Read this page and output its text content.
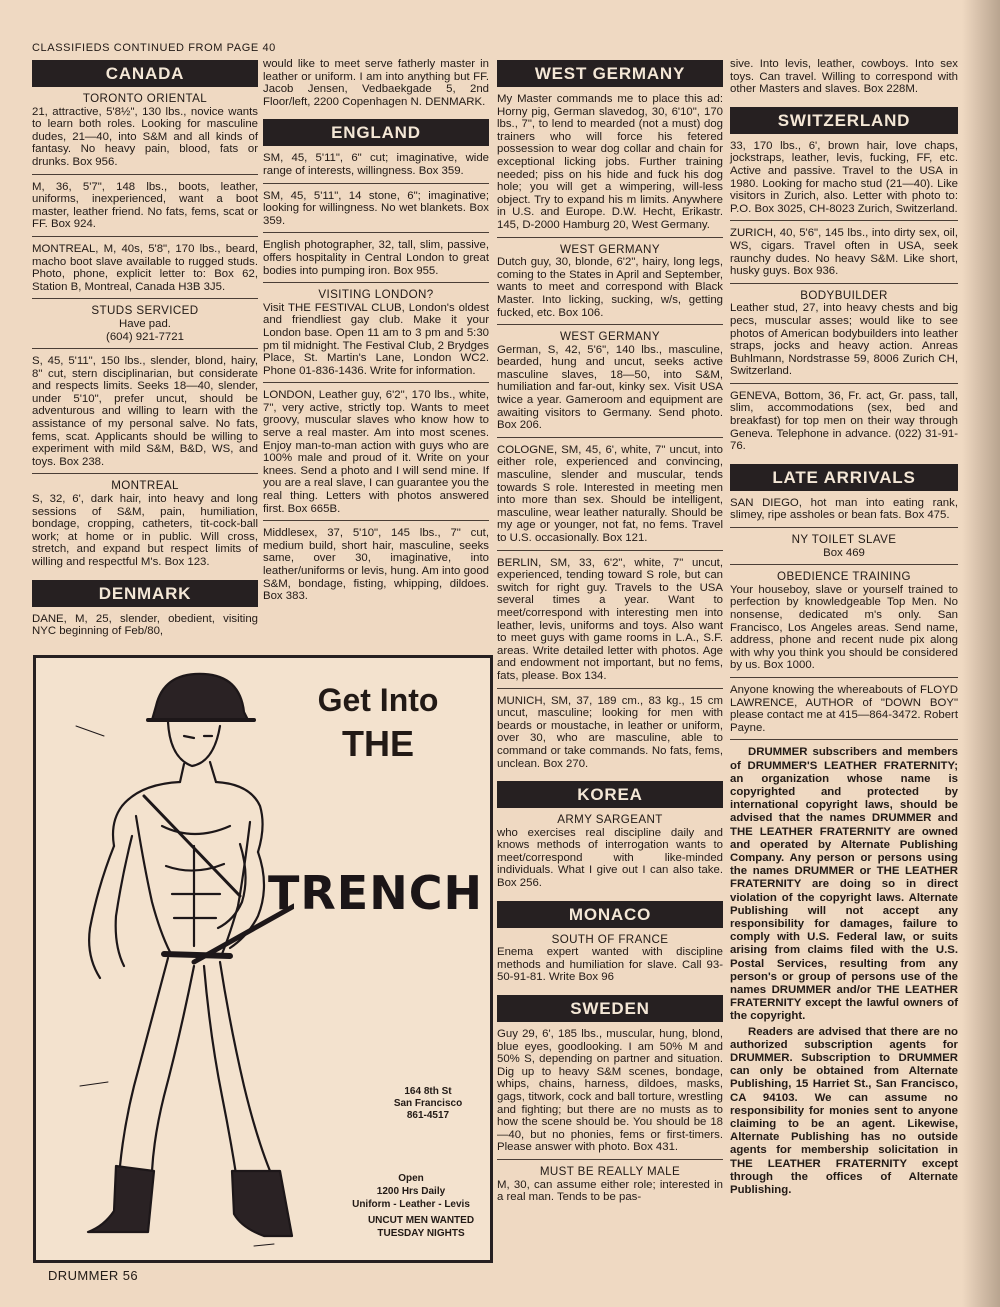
CLASSIFIEDS CONTINUED FROM PAGE 40
CANADA

TORONTO ORIENTAL
21, attractive, 5'8½", 130 lbs., novice wants to learn both roles. Looking for masculine dudes, 21—40, into S&M and all kinds of fantasy. No heavy pain, blood, fats or drunks. Box 956.

M, 36, 5'7", 148 lbs., boots, leather, uniforms, inexperienced, want a boot master, leather friend. No fats, fems, scat or FF. Box 924.

MONTREAL, M, 40s, 5'8", 170 lbs., beard, macho boot slave available to rugged studs. Photo, phone, explicit letter to: Box 62, Station B, Montreal, Canada H3B 3J5.

STUDS SERVICED
Have pad.
(604) 921-7721

S, 45, 5'11", 150 lbs., slender, blond, hairy, 8" cut, stern disciplinarian, but considerate and respects limits. Seeks 18—40, slender, under 5'10", prefer uncut, should be adventurous and willing to learn with the assistance of my personal salve. No fats, fems, scat. Applicants should be willing to experiment with mild S&M, B&D, WS, and toys. Box 238.

MONTREAL
S, 32, 6', dark hair, into heavy and long sessions of S&M, pain, humiliation, bondage, cropping, catheters, tit-cock-ball work; at home or in public. Will cross, stretch, and expand but respect limits of willing and respectful M's. Box 123.

DENMARK

DANE, M, 25, slender, obedient, visiting NYC beginning of Feb/80,

would like to meet serve fatherly master in leather or uniform. I am into anything but FF. Jacob Jensen, Vedbaekgade 5, 2nd Floor/left, 2200 Copenhagen N. DENMARK.

ENGLAND

SM, 45, 5'11", 6" cut; imaginative, wide range of interests, willingness. Box 359.

SM, 45, 5'11", 14 stone, 6"; imaginative; looking for willingness. No wet blankets. Box 359.

English photographer, 32, tall, slim, passive, offers hospitality in Central London to great bodies into pumping iron. Box 955.

VISITING LONDON?
Visit THE FESTIVAL CLUB, London's oldest and friendliest gay club. Make it your London base. Open 11 am to 3 pm and 5:30 pm til midnight. The Festival Club, 2 Brydges Place, St. Martin's Lane, London WC2. Phone 01-836-1436. Write for information.

LONDON, Leather guy, 6'2", 170 lbs., white, 7", very active, strictly top. Wants to meet groovy, muscular slaves who know how to serve a real master. Am into most scenes. Enjoy man-to-man action with guys who are 100% male and proud of it. Write on your knees. Send a photo and I will send mine. If you are a real slave, I can guarantee you the real thing. Letters with photos answered first. Box 665B.

Middlesex, 37, 5'10", 145 lbs., 7" cut, medium build, short hair, masculine, seeks same, over 30, imaginative, into leather/uniforms or levis, hung. Am into good S&M, bondage, fisting, whipping, dildoes. Box 383.

WEST GERMANY

My Master commands me to place this ad: Horny pig, German slavedog, 30, 6'10", 170 lbs., 7", to lend to mearded (not a must) dog trainers who will force his fetered possession to wear dog collar and chain for exceptional licking jobs. Further training needed; piss on his hide and fuck his dog hole; you will get a wimpering, will-less object. Try to expand his m limits. Anywhere in U.S. and Europe. D.W. Hecht, Erikastr. 145, D-2000 Hamburg 20, West Germany.

WEST GERMANY
Dutch guy, 30, blonde, 6'2", hairy, long legs, coming to the States in April and September, wants to meet and correspond with Black Master. Into licking, sucking, w/s, getting fucked, etc. Box 106.

WEST GERMANY
German, S, 42, 5'6", 140 lbs., masculine, bearded, hung and uncut, seeks active masculine slaves, 18—50, into S&M, humiliation and far-out, kinky sex. Visit USA twice a year. Gameroom and equipment are awaiting visitors to Germany. Send photo. Box 206.

COLOGNE, SM, 45, 6', white, 7" uncut, into either role, experienced and convincing, masculine, slender and muscular, tends towards S role. Interested in meeting men into more than sex. Should be intelligent, masculine, wear leather naturally. Should be my age or younger, not fat, no fems. Travel to U.S. occasionally. Box 121.

BERLIN, SM, 33, 6'2", white, 7" uncut, experienced, tending toward S role, but can switch for right guy. Travels to the USA several times a year. Want to meet/correspond with interesting men into leather, levis, uniforms and toys. Also want to meet guys with game rooms in L.A., S.F. areas. Write detailed letter with photos. Age and endowment not important, but no fems, fats, please. Box 134.

MUNICH, SM, 37, 189 cm., 83 kg., 15 cm uncut, masculine; looking for men with beards or moustache, in leather or uniform, over 30, who are masculine, able to command or take commands. No fats, fems, unclean. Box 270.

KOREA

ARMY SARGEANT
who exercises real discipline daily and knows methods of interrogation wants to meet/correspond with like-minded individuals. What I give out I can also take. Box 256.

MONACO

SOUTH OF FRANCE
Enema expert wanted with discipline methods and humiliation for slave. Call 93-50-91-81. Write Box 96

SWEDEN

Guy 29, 6', 185 lbs., muscular, hung, blond, blue eyes, goodlooking. I am 50% M and 50% S, depending on partner and situation. Dig up to heavy S&M scenes, bondage, whips, chains, harness, dildoes, masks, gags, titwork, cock and ball torture, wrestling and fighting; but there are no musts as to how the scene should be. You should be 18—40, but no phonies, fems or first-timers. Please answer with photo. Box 431.

MUST BE REALLY MALE
M, 30, can assume either role; interested in a real man. Tends to be pas-

sive. Into levis, leather, cowboys. Into sex toys. Can travel. Willing to correspond with other Masters and slaves. Box 228M.

SWITZERLAND

33, 170 lbs., 6', brown hair, love chaps, jockstraps, leather, levis, fucking, FF, etc. Active and passive. Travel to the USA in 1980. Looking for macho stud (21—40). Like visitors in Zurich, also. Letter with photo to: P.O. Box 3025, CH-8023 Zurich, Switzerland.

ZURICH, 40, 5'6", 145 lbs., into dirty sex, oil, WS, cigars. Travel often in USA, seek raunchy dudes. No heavy S&M. Like short, husky guys. Box 936.

BODYBUILDER
Leather stud, 27, into heavy chests and big pecs, muscular asses; would like to see photos of American bodybuilders into leather straps, jocks and heavy action. Anreas Buhlmann, Nordstrasse 59, 8006 Zurich CH, Switzerland.

GENEVA, Bottom, 36, Fr. act, Gr. pass, tall, slim, accommodations (sex, bed and breakfast) for top men on their way through Geneva. Telephone in advance. (022) 31-91-76.

LATE ARRIVALS

SAN DIEGO, hot man into eating rank, slimey, ripe assholes or bean fats. Box 475.

NY TOILET SLAVE
Box 469

OBEDIENCE TRAINING
Your houseboy, slave or yourself trained to perfection by knowledgeable Top Men. No nonsense, dedicated m's only. San Francisco, Los Angeles areas. Send name, address, phone and recent nude pix along with why you think you should be considered by us. Box 1000.

Anyone knowing the whereabouts of FLOYD LAWRENCE, AUTHOR of "DOWN BOY" please contact me at 415—864-3472. Robert Payne.

DRUMMER subscribers and members of DRUMMER'S LEATHER FRATERNITY; an organization whose name is copyrighted and protected by international copyright laws, should be advised that the names DRUMMER and THE LEATHER FRATERNITY are owned and operated by Alternate Publishing Company. Any person or persons using the names DRUMMER or THE LEATHER FRATERNITY are doing so in direct violation of the copyright laws. Alternate Publishing will not accept any responsibility for damages, failure to comply with U.S. Federal law, or suits arising from claims filed with the U.S. Postal Services, resulting from any person's or group of persons use of the names DRUMMER and/or THE LEATHER FRATERNITY except the lawful owners of the copyright.

Readers are advised that there are no authorized subscription agents for DRUMMER. Subscription to DRUMMER can only be obtained from Alternate Publishing, 15 Harriet St., San Francisco, CA 94103. We can assume no responsibility for monies sent to anyone claiming to be an agent. Likewise, Alternate Publishing has no outside agents for membership solicitation in THE LEATHER FRATERNITY except through the offices of Alternate Publishing.

Get Into
THE
TRENCH
164 8th St
San Francisco
861-4517
Open
1200 Hrs Daily
Uniform - Leather - Levis
UNCUT MEN WANTED
TUESDAY NIGHTS
DRUMMER 56
